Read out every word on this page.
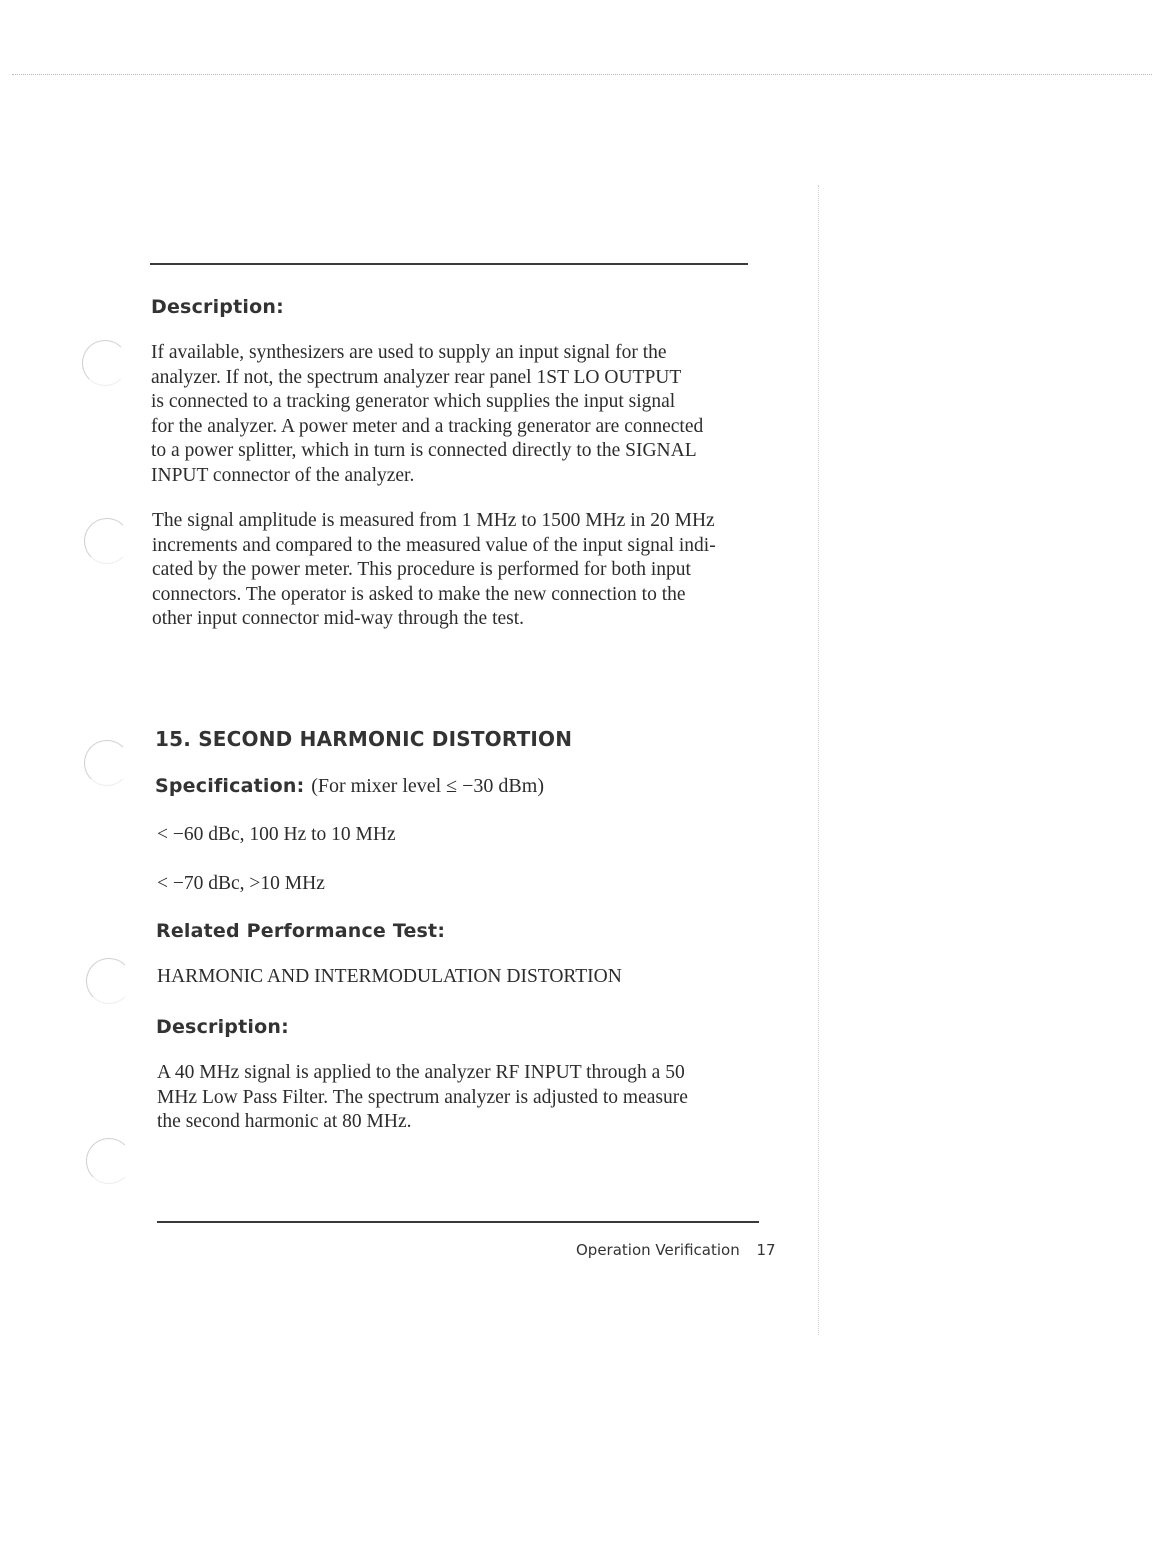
Description:

If available, synthesizers are used to supply an input signal for the
analyzer. If not, the spectrum analyzer rear panel 1ST LO OUTPUT
is connected to a tracking generator which supplies the input signal
for the analyzer. A power meter and a tracking generator are connected
to a power splitter, which in turn is connected directly to the SIGNAL
INPUT connector of the analyzer.

The signal amplitude is measured from 1 MHz to 1500 MHz in 20 MHz
increments and compared to the measured value of the input signal indi-
cated by the power meter. This procedure is performed for both input
connectors. The operator is asked to make the new connection to the
other input connector mid-way through the test.

15. SECOND HARMONIC DISTORTION
Specification: (For mixer level ≤ −30 dBm)

< −60 dBc, 100 Hz to 10 MHz

< −70 dBc, >10 MHz

Related Performance Test:

HARMONIC AND INTERMODULATION DISTORTION

Description:

A 40 MHz signal is applied to the analyzer RF INPUT through a 50
MHz Low Pass Filter. The spectrum analyzer is adjusted to measure
the second harmonic at 80 MHz.

Operation Verification 17
